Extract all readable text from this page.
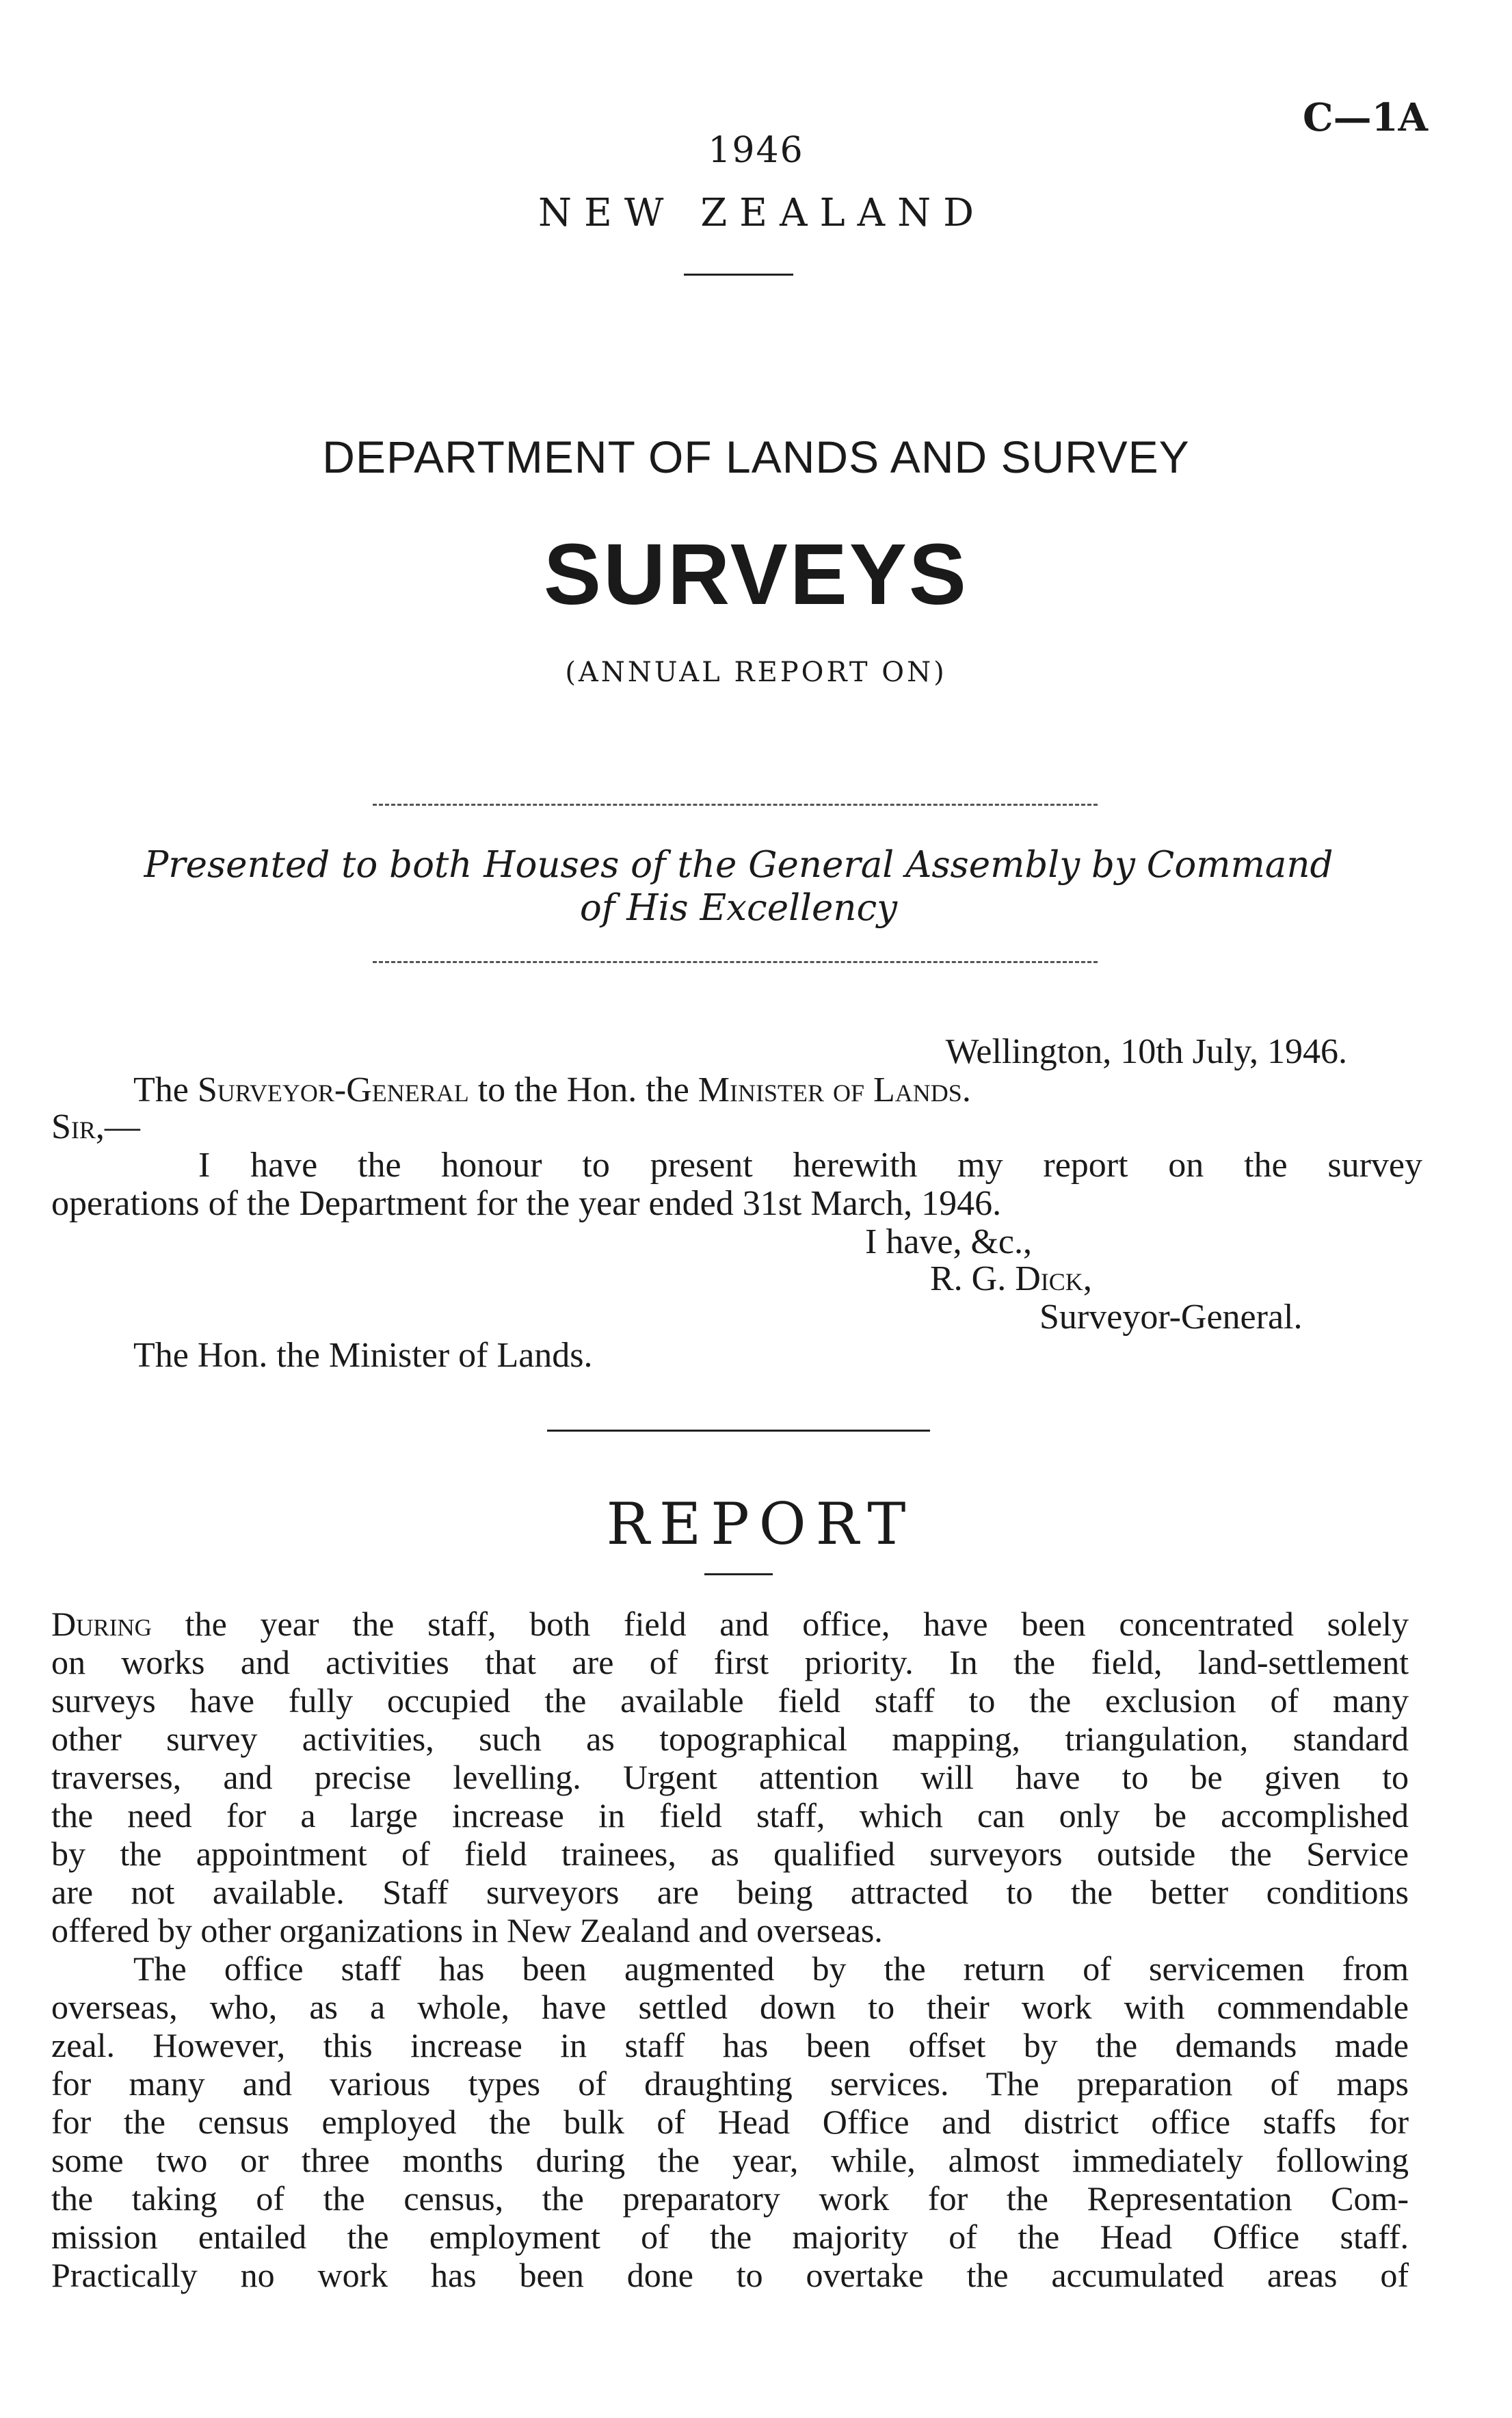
1946
C—1A
NEW ZEALAND
DEPARTMENT OF LANDS AND SURVEY
SURVEYS
(ANNUAL REPORT ON)
Presented to both Houses of the General Assembly by Command
of His Excellency
Wellington, 10th July, 1946.
The Surveyor-General to the Hon. the Minister of Lands.
Sir,—
I have the honour to present herewith my report on the survey
operations of the Department for the year ended 31st March, 1946.
I have, &c.,
R. G. Dick,
Surveyor-General.
The Hon. the Minister of Lands.
REPORT
During the year the staff, both field and office, have been concentrated solely
on works and activities that are of first priority. In the field, land-settlement
surveys have fully occupied the available field staff to the exclusion of many
other survey activities, such as topographical mapping, triangulation, standard
traverses, and precise levelling. Urgent attention will have to be given to
the need for a large increase in field staff, which can only be accomplished
by the appointment of field trainees, as qualified surveyors outside the Service
are not available. Staff surveyors are being attracted to the better conditions
offered by other organizations in New Zealand and overseas.
The office staff has been augmented by the return of servicemen from
overseas, who, as a whole, have settled down to their work with commendable
zeal. However, this increase in staff has been offset by the demands made
for many and various types of draughting services. The preparation of maps
for the census employed the bulk of Head Office and district office staffs for
some two or three months during the year, while, almost immediately following
the taking of the census, the preparatory work for the Representation Com-
mission entailed the employment of the majority of the Head Office staff.
Practically no work has been done to overtake the accumulated areas of
